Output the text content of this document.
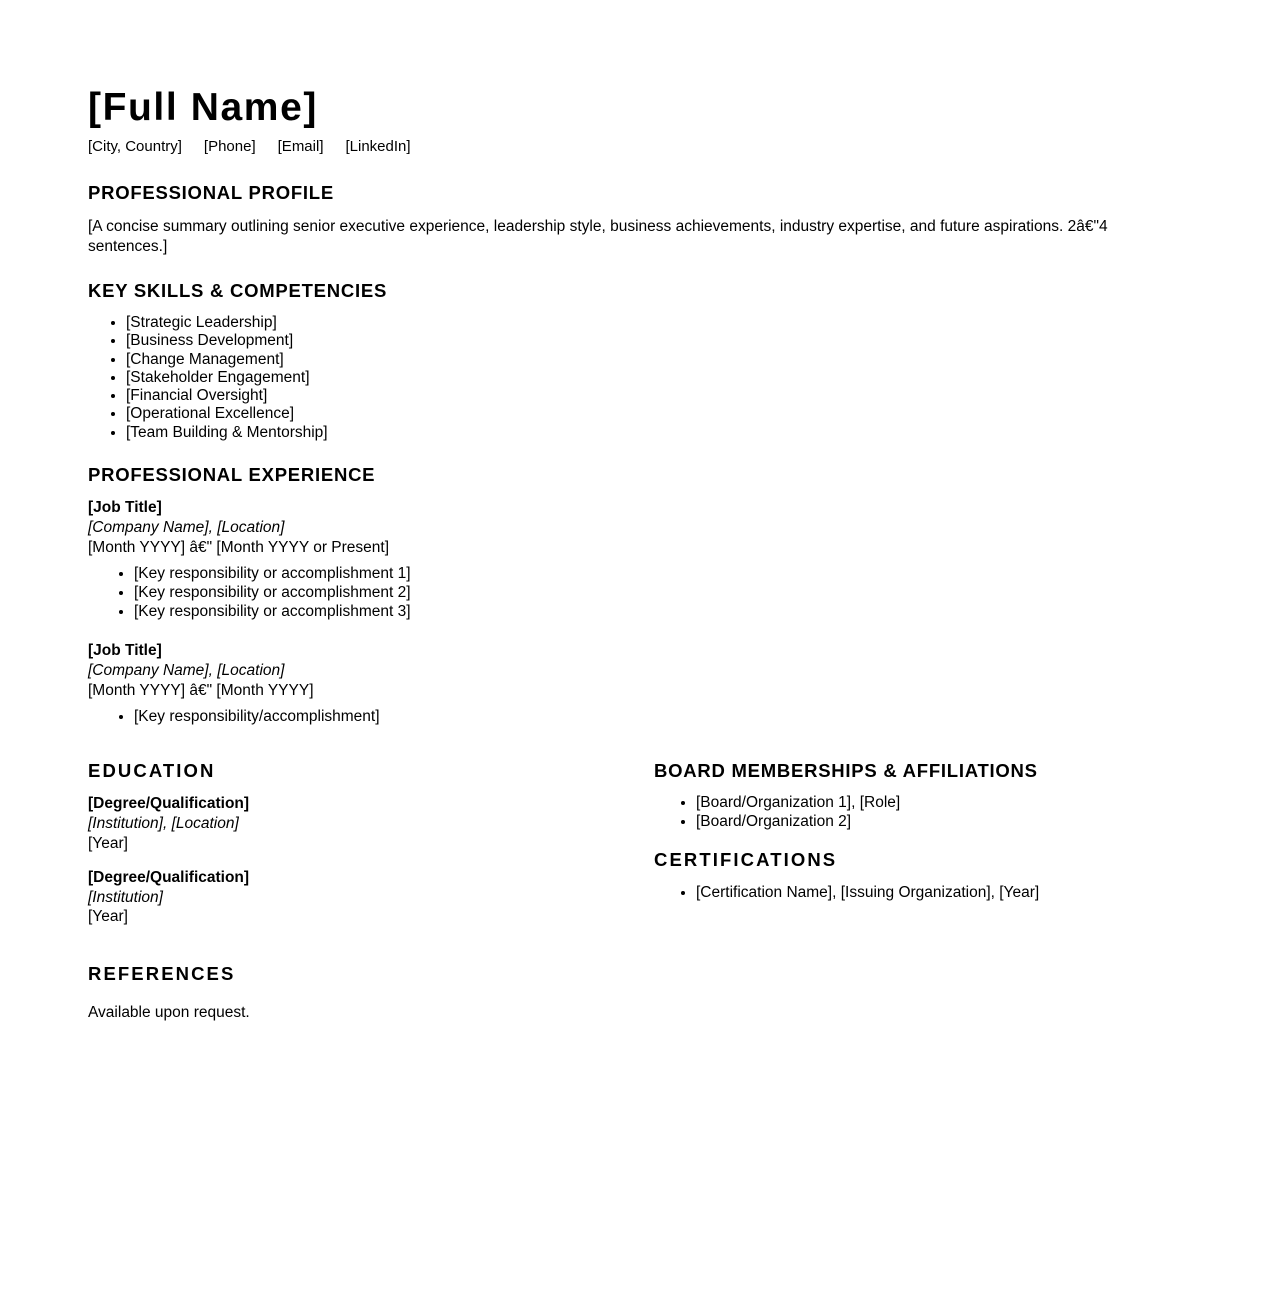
[Full Name]
[City, Country] [Phone] [Email] [LinkedIn]
PROFESSIONAL PROFILE

[A concise summary outlining senior executive experience, leadership style, business achievements, industry expertise, and future aspirations. 2â€"4 sentences.]

KEY SKILLS & COMPETENCIES
• [Strategic Leadership]
• [Business Development]
• [Change Management]
• [Stakeholder Engagement]
• [Financial Oversight]
• [Operational Excellence]
• [Team Building & Mentorship]
PROFESSIONAL EXPERIENCE
[Job Title]
[Company Name], [Location]
[Month YYYY] â€" [Month YYYY or Present]
• [Key responsibility or accomplishment 1]
• [Key responsibility or accomplishment 2]
• [Key responsibility or accomplishment 3]
[Job Title]
[Company Name], [Location]
[Month YYYY] â€" [Month YYYY]
• [Key responsibility/accomplishment]
EDUCATION
[Degree/Qualification]
[Institution], [Location]
[Year]
[Degree/Qualification]
[Institution]
[Year]
REFERENCES

Available upon request.

BOARD MEMBERSHIPS & AFFILIATIONS
• [Board/Organization 1], [Role]
• [Board/Organization 2]
CERTIFICATIONS
• [Certification Name], [Issuing Organization], [Year]
